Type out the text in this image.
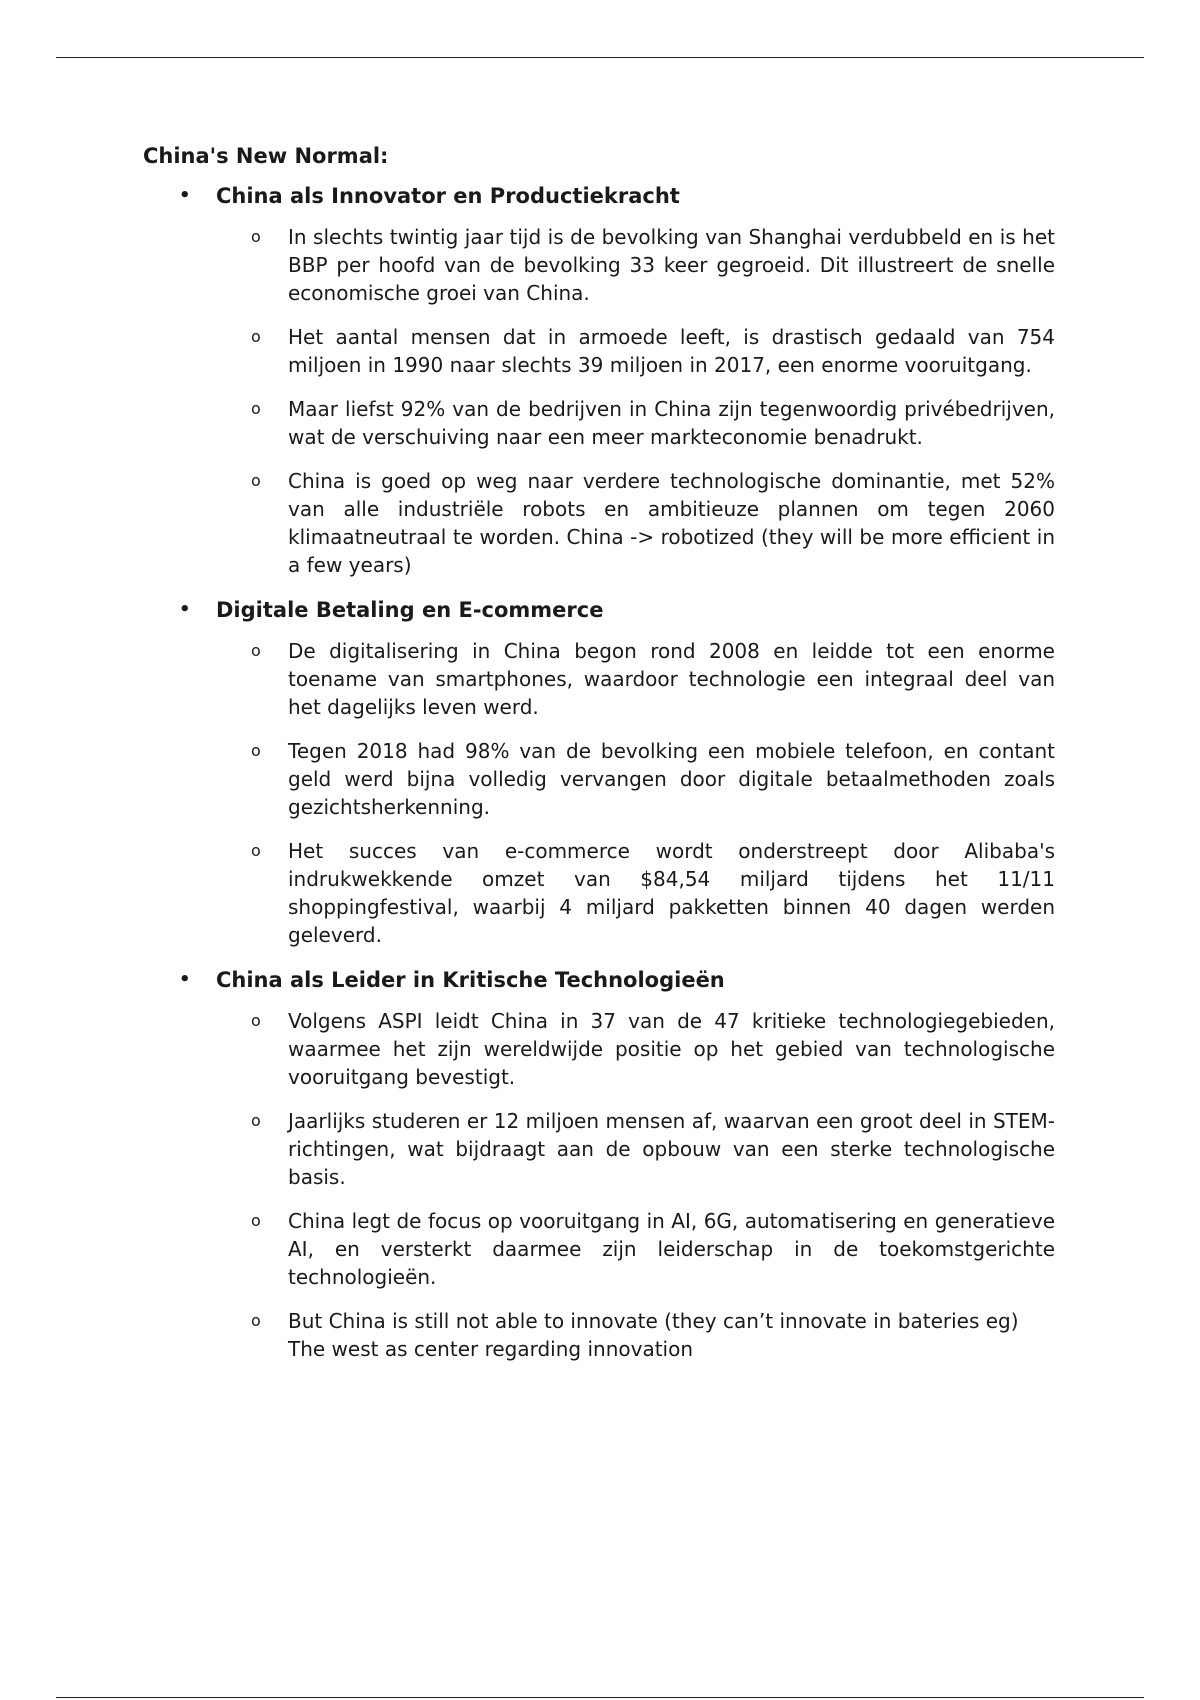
China's New Normal:
• China als Innovator en Productiekracht
o In slechts twintig jaar tijd is de bevolking van Shanghai verdubbeld en is het BBP per hoofd van de bevolking 33 keer gegroeid. Dit illustreert de snelle economische groei van China.
o Het aantal mensen dat in armoede leeft, is drastisch gedaald van 754 miljoen in 1990 naar slechts 39 miljoen in 2017, een enorme vooruitgang.
o Maar liefst 92% van de bedrijven in China zijn tegenwoordig privébedrijven, wat de verschuiving naar een meer markteconomie benadrukt.
o China is goed op weg naar verdere technologische dominantie, met 52% van alle industriële robots en ambitieuze plannen om tegen 2060 klimaatneutraal te worden. China -> robotized (they will be more efficient in a few years)
• Digitale Betaling en E-commerce
o De digitalisering in China begon rond 2008 en leidde tot een enorme toename van smartphones, waardoor technologie een integraal deel van het dagelijks leven werd.
o Tegen 2018 had 98% van de bevolking een mobiele telefoon, en contant geld werd bijna volledig vervangen door digitale betaalmethoden zoals gezichtsherkenning.
o Het succes van e-commerce wordt onderstreept door Alibaba's indrukwekkende omzet van $84,54 miljard tijdens het 11/11 shoppingfestival, waarbij 4 miljard pakketten binnen 40 dagen werden geleverd.
• China als Leider in Kritische Technologieën
o Volgens ASPI leidt China in 37 van de 47 kritieke technologiegebieden, waarmee het zijn wereldwijde positie op het gebied van technologische vooruitgang bevestigt.
o Jaarlijks studeren er 12 miljoen mensen af, waarvan een groot deel in STEM-richtingen, wat bijdraagt aan de opbouw van een sterke technologische basis.
o China legt de focus op vooruitgang in AI, 6G, automatisering en generatieve AI, en versterkt daarmee zijn leiderschap in de toekomstgerichte technologieën.
o But China is still not able to innovate (they can’t innovate in bateries eg)
The west as center regarding innovation
